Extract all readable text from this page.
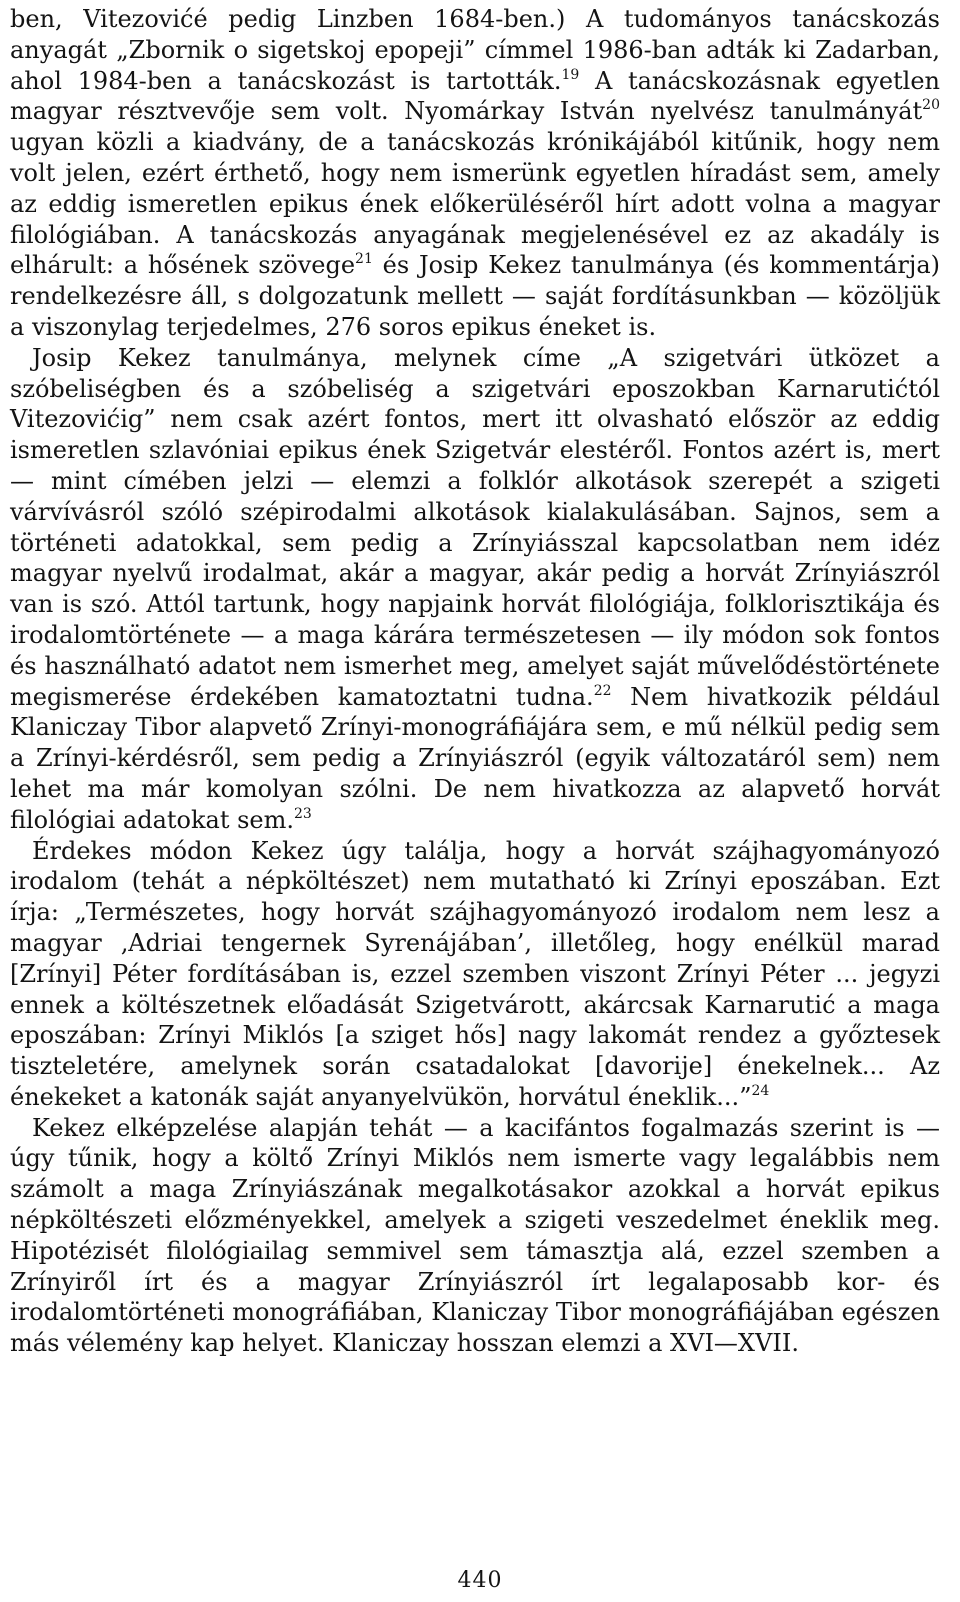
ben, Vitezovićé pedig Linzben 1684-ben.) A tudományos tanácskozás anyagát „Zbornik o sigetskoj epopeji” címmel 1986-ban adták ki Zadarban, ahol 1984-ben a tanácskozást is tartották.$^{19}$ A tanácskozásnak egyetlen magyar résztvevője sem volt. Nyomárkay István nyelvész tanulmányát$^{20}$ ugyan közli a kiadvány, de a tanácskozás krónikájából kitűnik, hogy nem volt jelen, ezért érthető, hogy nem ismerünk egyetlen híradást sem, amely az eddig ismeretlen epikus ének előkerüléséről hírt adott volna a magyar filológiában. A tanácskozás anyagának megjelenésével ez az akadály is elhárult: a hősének szövege$^{21}$ és Josip Kekez tanulmánya (és kommentárja) rendelkezésre áll, s dolgozatunk mellett — saját fordításunkban — közöljük a viszonylag terjedelmes, 276 soros epikus éneket is.

Josip Kekez tanulmánya, melynek címe „A szigetvári ütközet a szóbeliségben és a szóbeliség a szigetvári eposzokban Karnarutićtól Vitezovićig” nem csak azért fontos, mert itt olvasható először az eddig ismeretlen szlavóniai epikus ének Szigetvár elestéről. Fontos azért is, mert — mint címében jelzi — elemzi a folklór alkotások szerepét a szigeti várvívásról szóló szépirodalmi alkotások kialakulásában. Sajnos, sem a történeti adatokkal, sem pedig a Zrínyiásszal kapcsolatban nem idéz magyar nyelvű irodalmat, akár a magyar, akár pedig a horvát Zrínyiászról van is szó. Attól tartunk, hogy napjaink horvát filológiája, folklorisztikája és irodalomtörténete — a maga kárára természetesen — ily módon sok fontos és használható adatot nem ismerhet meg, amelyet saját művelődéstörténete megismerése érdekében kamatoztatni tudna.$^{22}$ Nem hivatkozik például Klaniczay Tibor alapvető Zrínyi-monográfiájára sem, e mű nélkül pedig sem a Zrínyi-kérdésről, sem pedig a Zrínyiászról (egyik változatáról sem) nem lehet ma már komolyan szólni. De nem hivatkozza az alapvető horvát filológiai adatokat sem.$^{23}$

Érdekes módon Kekez úgy találja, hogy a horvát szájhagyományozó irodalom (tehát a népköltészet) nem mutatható ki Zrínyi eposzában. Ezt írja: „Természetes, hogy horvát szájhagyományozó irodalom nem lesz a magyar ‚Adriai tengernek Syrenájában’, illetőleg, hogy enélkül marad [Zrínyi] Péter fordításában is, ezzel szemben viszont Zrínyi Péter ... jegyzi ennek a költészetnek előadását Szigetvárott, akárcsak Karnarutić a maga eposzában: Zrínyi Miklós [a sziget hős] nagy lakomát rendez a győztesek tiszteletére, amelynek során csatadalokat [davorije] énekelnek... Az énekeket a katonák saját anyanyelvükön, horvátul éneklik...”$^{24}$

Kekez elképzelése alapján tehát — a kacifántos fogalmazás szerint is — úgy tűnik, hogy a költő Zrínyi Miklós nem ismerte vagy legalábbis nem számolt a maga Zrínyiászának megalkotásakor azokkal a horvát epikus népköltészeti előzményekkel, amelyek a szigeti veszedelmet éneklik meg. Hipotézisét filológiailag semmivel sem támasztja alá, ezzel szemben a Zrínyiről írt és a magyar Zrínyiászról írt legalaposabb kor- és irodalomtörténeti monográfiában, Klaniczay Tibor monográfiájában egészen más vélemény kap helyet. Klaniczay hosszan elemzi a XVI—XVII.

440
